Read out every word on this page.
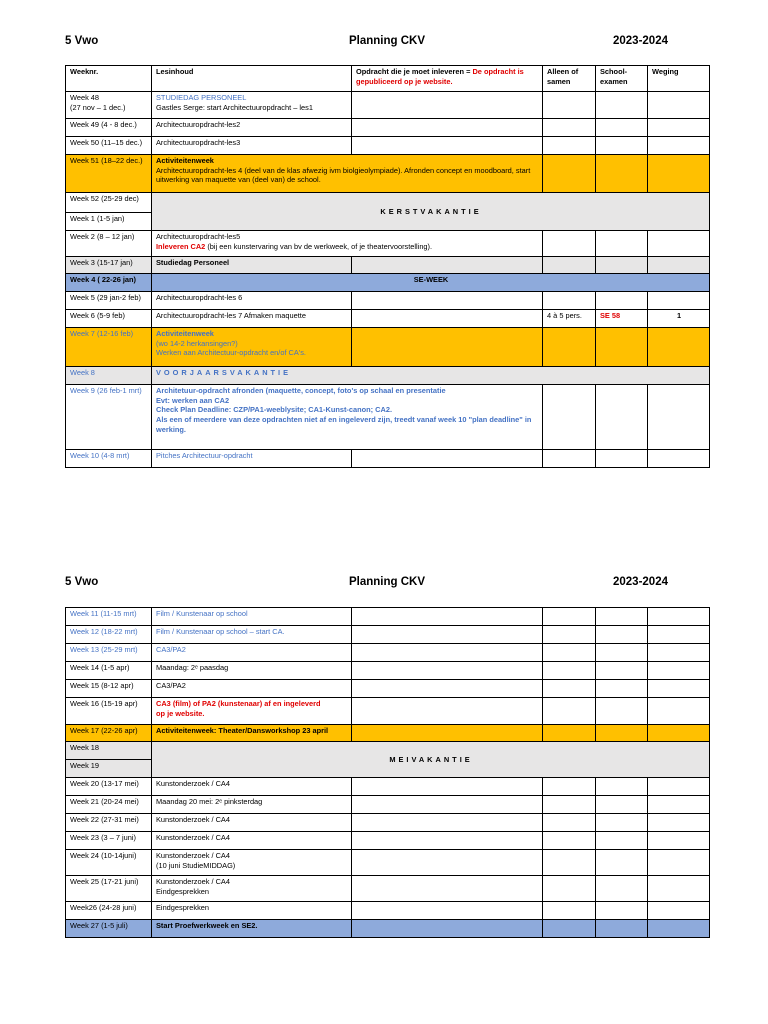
5 Vwo	Planning CKV	2023-2024
Weeknr.	Lesinhoud	Opdracht die je moet inleveren = De opdracht is gepubliceerd op je website.	Alleen of samen	School-examen	Weging

Week 48
(27 nov – 1 dec.)	STUDIEDAG PERSONEEL
Gastles Serge: start Architectuuropdracht – les1				

Week 49 (4 - 8 dec.)	Architectuuropdracht-les2				
Week 50 (11–15 dec.)	Architectuuropdracht-les3				
Week 51 (18–22 dec.)	Activiteitenweek
Architectuuropdracht-les 4 (deel van de klas afwezig ivm biolgieolympiade). Afronden concept en moodboard, start uitwerking van maquette van (deel van) de school.				
Week 52 (25-29 dec)	KERSTVAKANTIE				
Week 1 (1-5 jan)					
Week 2 (8 – 12 jan)	Architectuuropdracht-les5
Inleveren CA2 (bij een kunstervaring van bv de werkweek, of je theatervoorstelling).				
Week 3 (15-17 jan)	Studiedag Personeel				
Week 4 ( 22-26 jan)	SE-WEEK				
Week 5 (29 jan-2 feb)	Architectuuropdracht-les 6				
Week 6 (5-9 feb)	Architectuuropdracht-les 7 Afmaken maquette		4 à 5 pers.	SE 58	1
Week 7 (12-16 feb)	Activiteitenweek
(wo 14-2 herkansingen?)
Werken aan Architectuur-opdracht en/of CA's.				

Week 8	VOORJAARSVAKANTIE				
Week 9 (26 feb-1 mrt)	Architetuur-opdracht afronden (maquette, concept, foto's op schaal en presentatie
Evt: werken aan CA2
Check Plan Deadline: CZP/PA1-weeblysite; CA1-Kunst-canon; CA2.
Als een of meerdere van deze opdrachten niet af en ingeleverd zijn, treedt vanaf week 10 "plan deadline" in werking.				

Week 10 (4-8 mrt)	Pitches Architectuur-opdracht				
5 Vwo	Planning CKV	2023-2024
Week 11 (11-15 mrt)	Film / Kunstenaar op school				
Week 12 (18-22 mrt)	Film / Kunstenaar op school – start CA.				
Week 13 (25-29 mrt)	CA3/PA2				
Week 14 (1-5 apr)	Maandag: 2ᵉ paasdag				
Week 15 (8-12 apr)	CA3/PA2				
Week 16 (15-19 apr)	CA3 (film) of PA2 (kunstenaar) af en ingeleverd
op je website.				

Week 17 (22-26 apr)	Activiteitenweek: Theater/Dansworkshop 23 april				
Week 18	MEIVAKANTIE				
Week 19					
Week 20 (13-17 mei)	Kunstonderzoek / CA4				
Week 21 (20-24 mei)	Maandag 20 mei: 2ᵉ pinksterdag				
Week 22 (27-31 mei)	Kunstonderzoek / CA4				
Week 23 (3 – 7 juni)	Kunstonderzoek / CA4				
Week 24 (10-14juni)	Kunstonderzoek / CA4
(10 juni StudieMIDDAG)				

Week 25 (17-21 juni)	Kunstonderzoek / CA4
Eindgesprekken				

Week26 (24-28 juni)	Eindgesprekken				
Week 27 (1-5 juli)	Start Proefwerkweek en SE2.				
